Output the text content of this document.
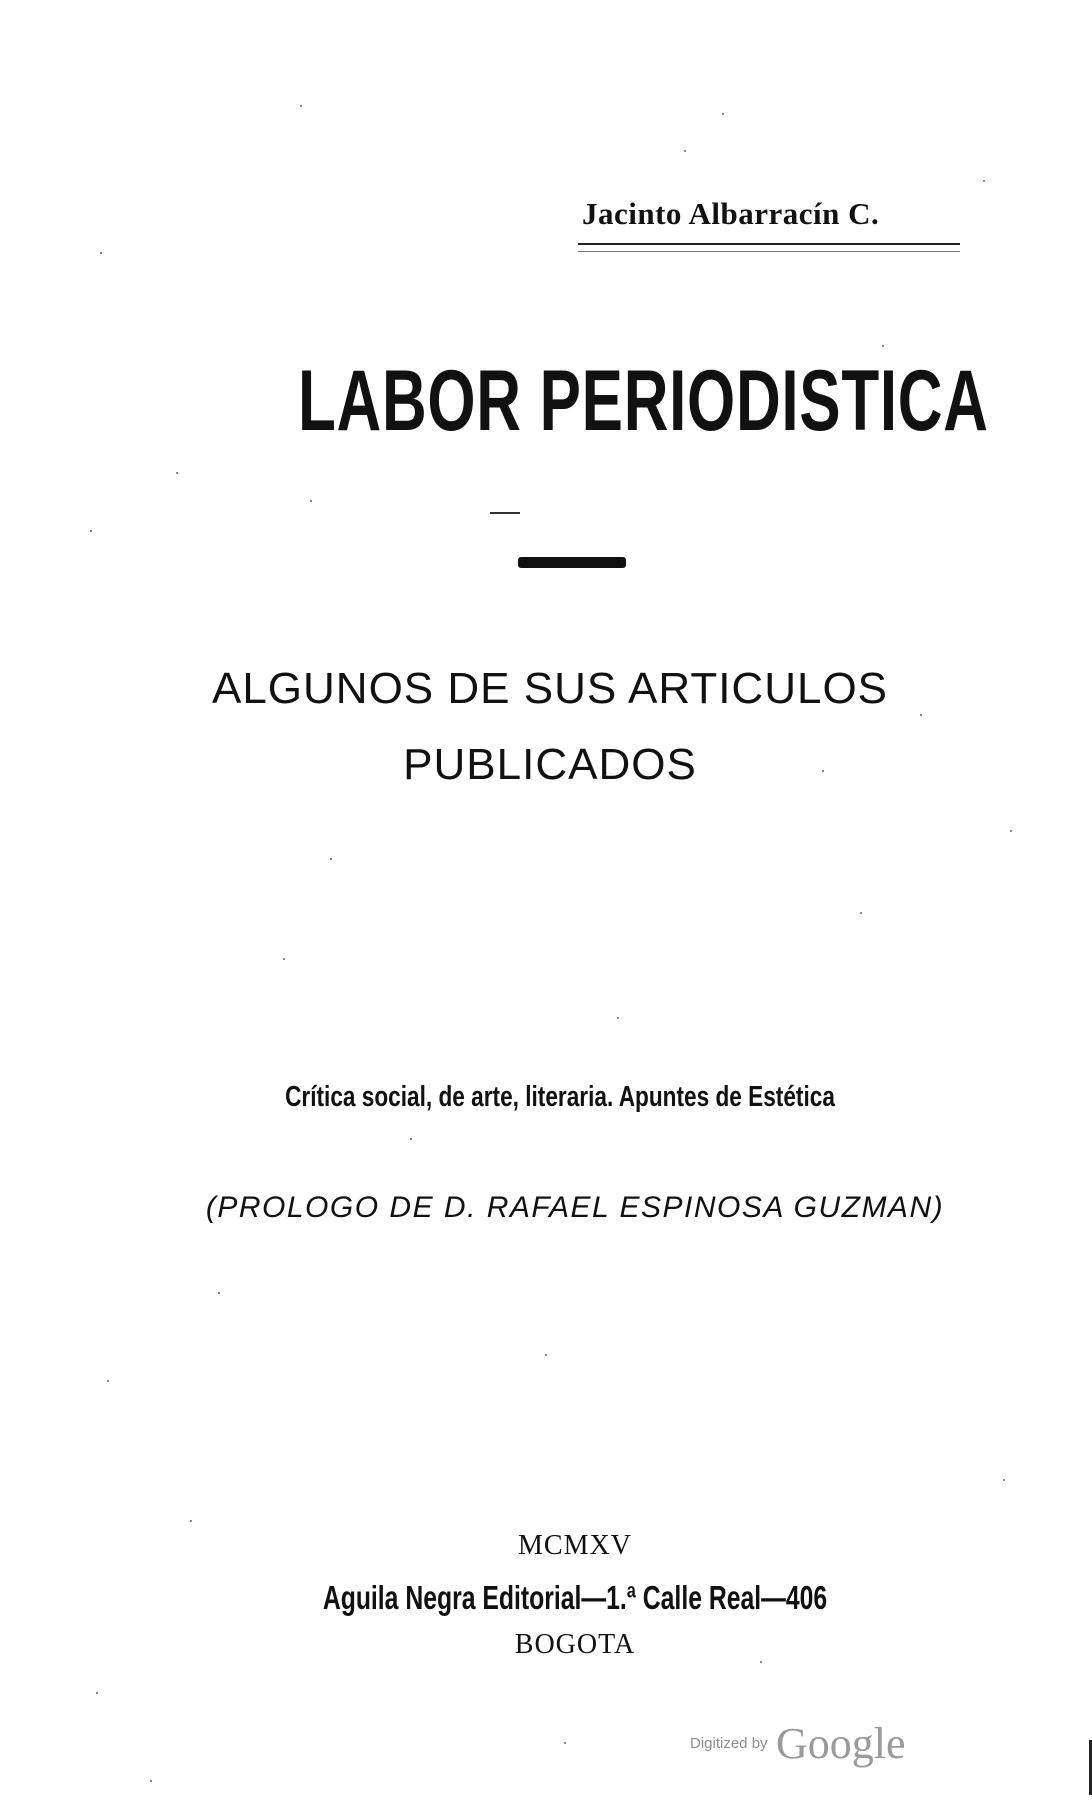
Jacinto Albarracín C.
LABOR PERIODISTICA
ALGUNOS DE SUS ARTICULOS
PUBLICADOS
Crítica social, de arte, literaria. Apuntes de Estética
(PROLOGO DE D. RAFAEL ESPINOSA GUZMAN)
MCMXV
Aguila Negra Editorial—1.ª Calle Real—406
BOGOTA
Digitized by Google
